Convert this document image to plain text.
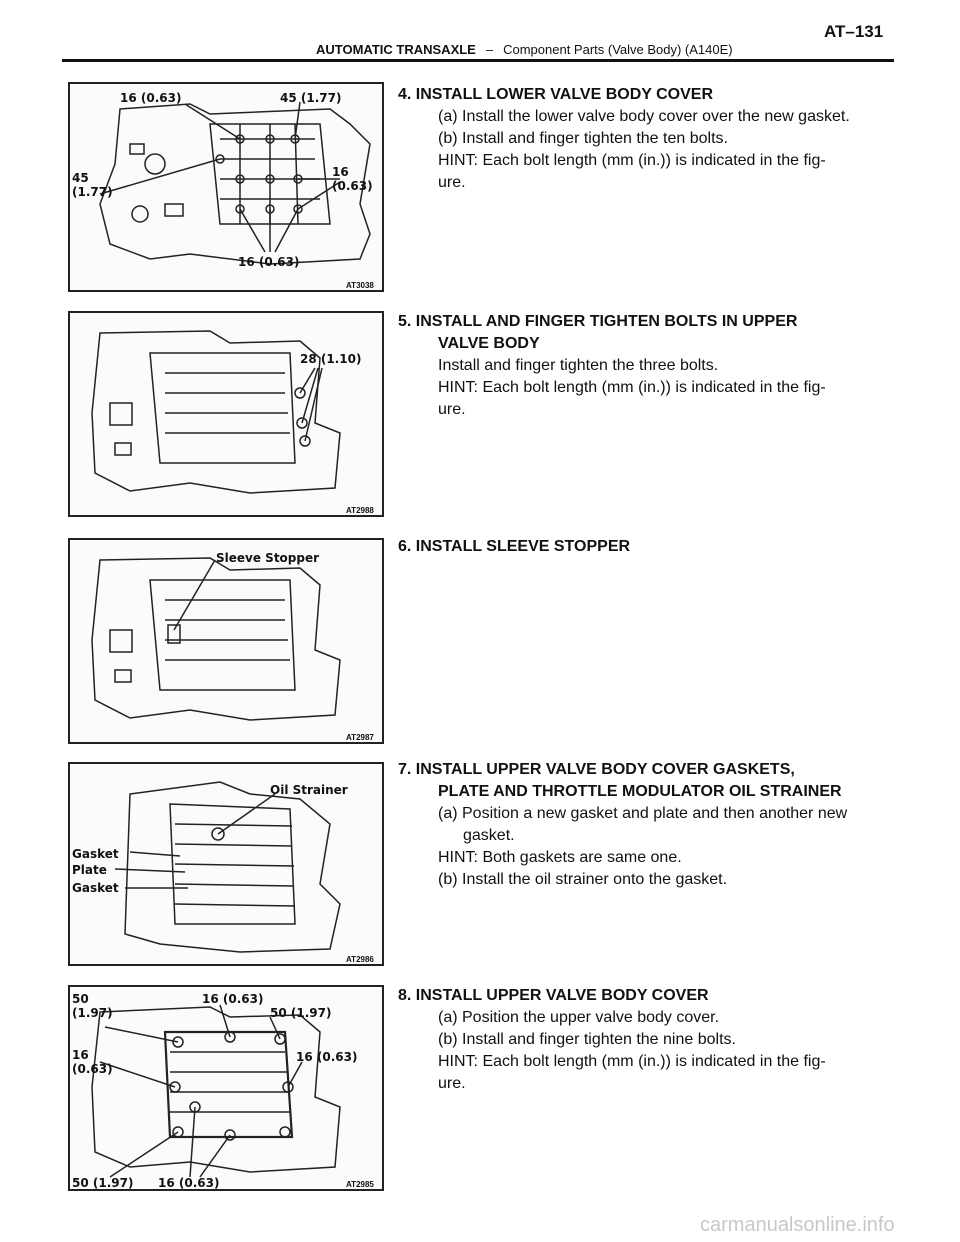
AUTOMATIC TRANSAXLE – Component Parts (Valve Body) (A140E)
AT–131
16 (0.63)	45 (1.77)
45
(1.77)
16
(0.63)
16 (0.63)
AT3038
28 (1.10)
AT2988
Sleeve Stopper
AT2987
Oil Strainer
Gasket
Plate
Gasket
AT2986
50
(1.97)
16 (0.63)
50 (1.97)
16
(0.63)
16 (0.63)
50 (1.97) 16 (0.63)	AT2985
4. INSTALL LOWER VALVE BODY COVER
(a) Install the lower valve body cover over the new gasket.
(b) Install and finger tighten the ten bolts.
HINT: Each bolt length (mm (in.)) is indicated in the fig-
ure.
5. INSTALL AND FINGER TIGHTEN BOLTS IN UPPER
VALVE BODY
Install and finger tighten the three bolts.
HINT: Each bolt length (mm (in.)) is indicated in the fig-
ure.
6. INSTALL SLEEVE STOPPER
7. INSTALL UPPER VALVE BODY COVER GASKETS,
PLATE AND THROTTLE MODULATOR OIL STRAINER
(a) Position a new gasket and plate and then another new
gasket.
HINT: Both gaskets are same one.
(b) Install the oil strainer onto the gasket.
8. INSTALL UPPER VALVE BODY COVER
(a) Position the upper valve body cover.
(b) Install and finger tighten the nine bolts.
HINT: Each bolt length (mm (in.)) is indicated in the fig-
ure.
carmanualsonline.info
